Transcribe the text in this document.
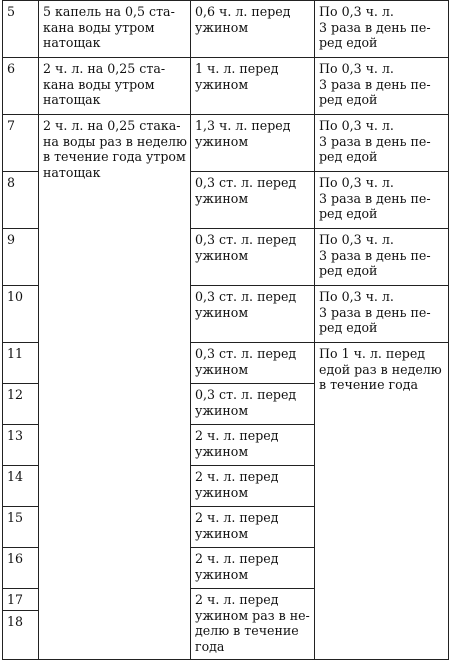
5	5 капель на 0,5 ста-
кана воды утром
натощак	0,6 ч. л. перед
ужином	По 0,3 ч. л.
3 раза в день пе-
ред едой
6	2 ч. л. на 0,25 ста-
кана воды утром
натощак	1 ч. л. перед
ужином	По 0,3 ч. л.
3 раза в день пе-
ред едой
7	2 ч. л. на 0,25 стака-
на воды раз в неделю
в течение года утром
натощак	1,3 ч. л. перед
ужином	По 0,3 ч. л.
3 раза в день пе-
ред едой
8		0,3 ст. л. перед
ужином	По 0,3 ч. л.
3 раза в день пе-
ред едой
9		0,3 ст. л. перед
ужином	По 0,3 ч. л.
3 раза в день пе-
ред едой
10		0,3 ст. л. перед
ужином	По 0,3 ч. л.
3 раза в день пе-
ред едой
11		0,3 ст. л. перед
ужином	По 1 ч. л. перед
едой раз в неделю
в течение года
12		0,3 ст. л. перед
ужином	
13		2 ч. л. перед
ужином	
14		2 ч. л. перед
ужином	
15		2 ч. л. перед
ужином	
16		2 ч. л. перед
ужином	
17		2 ч. л. перед
ужином раз в не-
делю в течение
года	
18			
